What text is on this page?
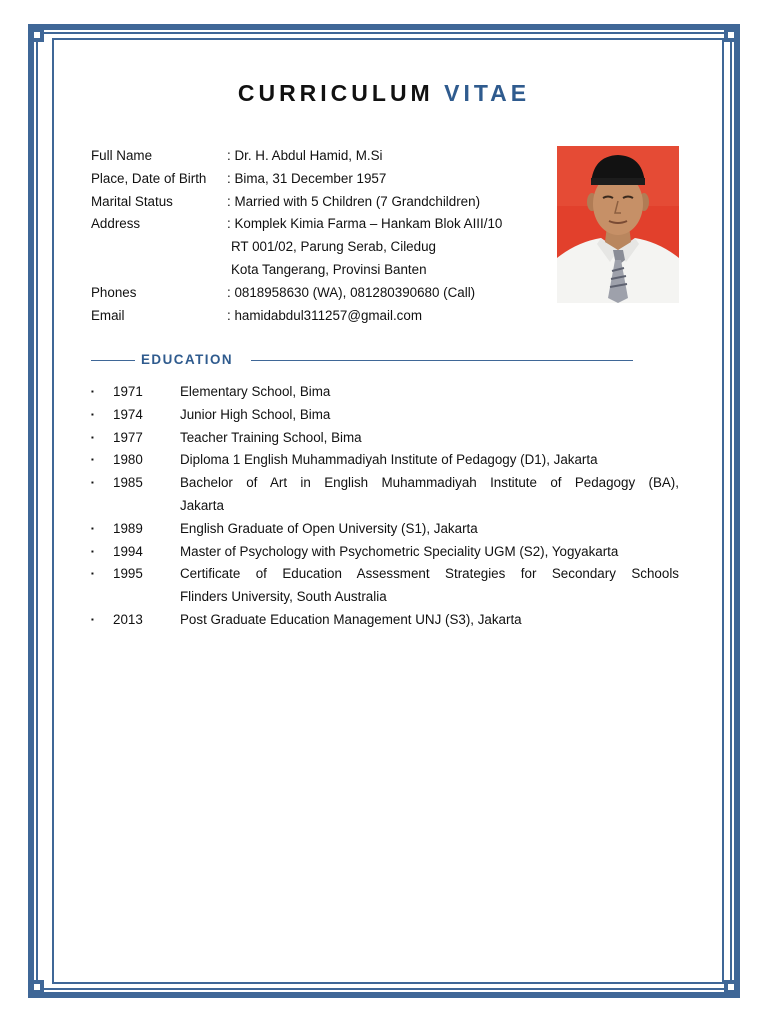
CURRICULUM VITAE
Full Name	: Dr. H. Abdul Hamid, M.Si
Place, Date of Birth	: Bima, 31 December 1957
Marital Status	: Married with 5 Children (7 Grandchildren)
Address	: Komplek Kimia Farma – Hankam Blok AIII/10
RT 001/02, Parung Serab, Ciledug
Kota Tangerang, Provinsi Banten
Phones	: 0818958630 (WA), 081280390680 (Call)
Email	: hamidabdul311257@gmail.com
EDUCATION
▪	1971	Elementary School, Bima
▪	1974	Junior High School, Bima
▪	1977	Teacher Training School, Bima
▪	1980	Diploma 1 English Muhammadiyah Institute of Pedagogy (D1), Jakarta
▪	1985	Bachelor of Art in English Muhammadiyah Institute of Pedagogy (BA),
Jakarta
▪	1989	English Graduate of Open University (S1), Jakarta
▪	1994	Master of Psychology with Psychometric Speciality UGM (S2), Yogyakarta
▪	1995	Certificate of Education Assessment Strategies for Secondary Schools
Flinders University, South Australia
▪	2013	Post Graduate Education Management UNJ (S3), Jakarta
